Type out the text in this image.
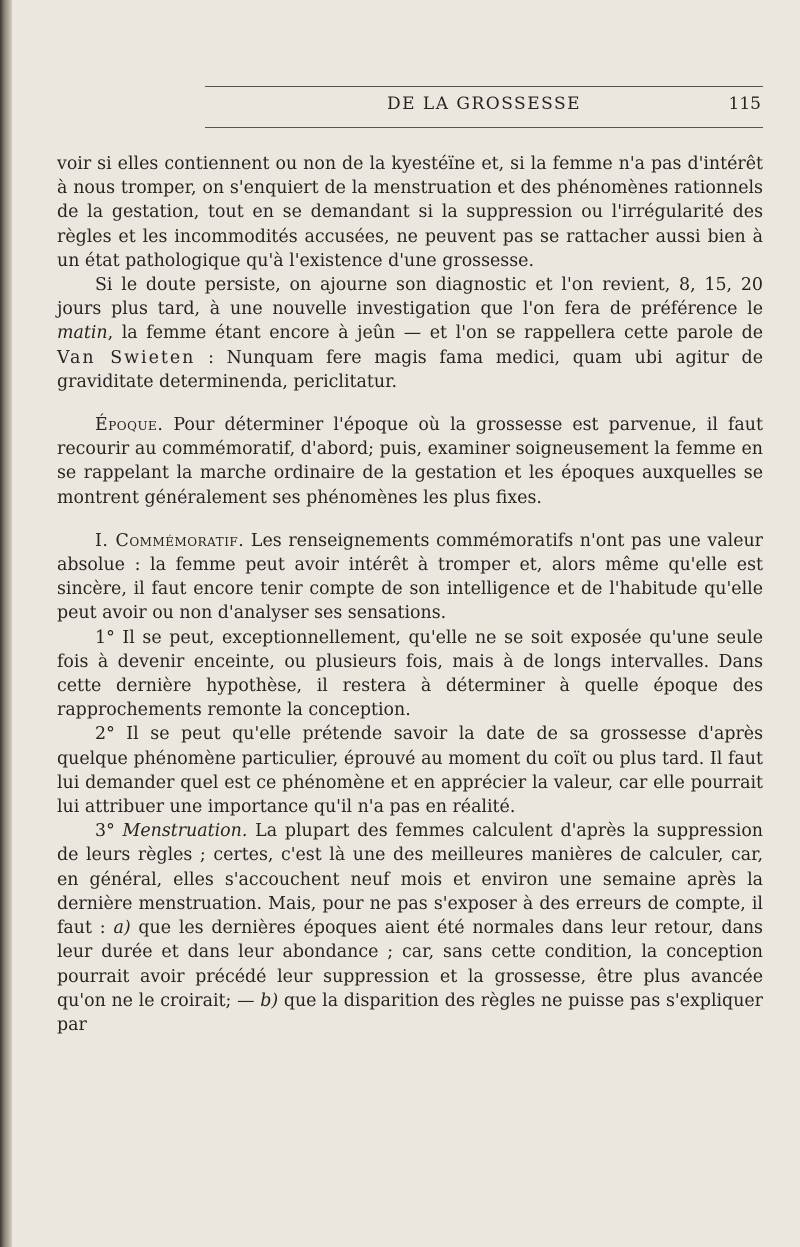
DE LA GROSSESSE	115

voir si elles contiennent ou non de la kyestéïne et, si la femme n'a pas d'intérêt à nous tromper, on s'enquiert de la menstruation et des phénomènes rationnels de la gestation, tout en se demandant si la suppression ou l'irrégularité des règles et les incommodités accusées, ne peuvent pas se rattacher aussi bien à un état pathologique qu'à l'existence d'une grossesse.

Si le doute persiste, on ajourne son diagnostic et l'on revient, 8, 15, 20 jours plus tard, à une nouvelle investigation que l'on fera de préférence le matin, la femme étant encore à jeûn — et l'on se rappellera cette parole de Van Swieten : Nunquam fere magis fama medici, quam ubi agitur de graviditate determinenda, periclitatur.

Époque. Pour déterminer l'époque où la grossesse est parvenue, il faut recourir au commémoratif, d'abord; puis, examiner soigneusement la femme en se rappelant la marche ordinaire de la gestation et les époques auxquelles se montrent généralement ses phénomènes les plus fixes.

I. Commémoratif. Les renseignements commémoratifs n'ont pas une valeur absolue : la femme peut avoir intérêt à tromper et, alors même qu'elle est sincère, il faut encore tenir compte de son intelligence et de l'habitude qu'elle peut avoir ou non d'analyser ses sensations.

1° Il se peut, exceptionnellement, qu'elle ne se soit exposée qu'une seule fois à devenir enceinte, ou plusieurs fois, mais à de longs intervalles. Dans cette dernière hypothèse, il restera à déterminer à quelle époque des rapprochements remonte la conception.

2° Il se peut qu'elle prétende savoir la date de sa grossesse d'après quelque phénomène particulier, éprouvé au moment du coït ou plus tard. Il faut lui demander quel est ce phénomène et en apprécier la valeur, car elle pourrait lui attribuer une importance qu'il n'a pas en réalité.

3° Menstruation. La plupart des femmes calculent d'après la suppression de leurs règles ; certes, c'est là une des meilleures manières de calculer, car, en général, elles s'accouchent neuf mois et environ une semaine après la dernière menstruation. Mais, pour ne pas s'exposer à des erreurs de compte, il faut : a) que les dernières époques aient été normales dans leur retour, dans leur durée et dans leur abondance ; car, sans cette condition, la conception pourrait avoir précédé leur suppression et la grossesse, être plus avancée qu'on ne le croirait; — b) que la disparition des règles ne puisse pas s'expliquer par
